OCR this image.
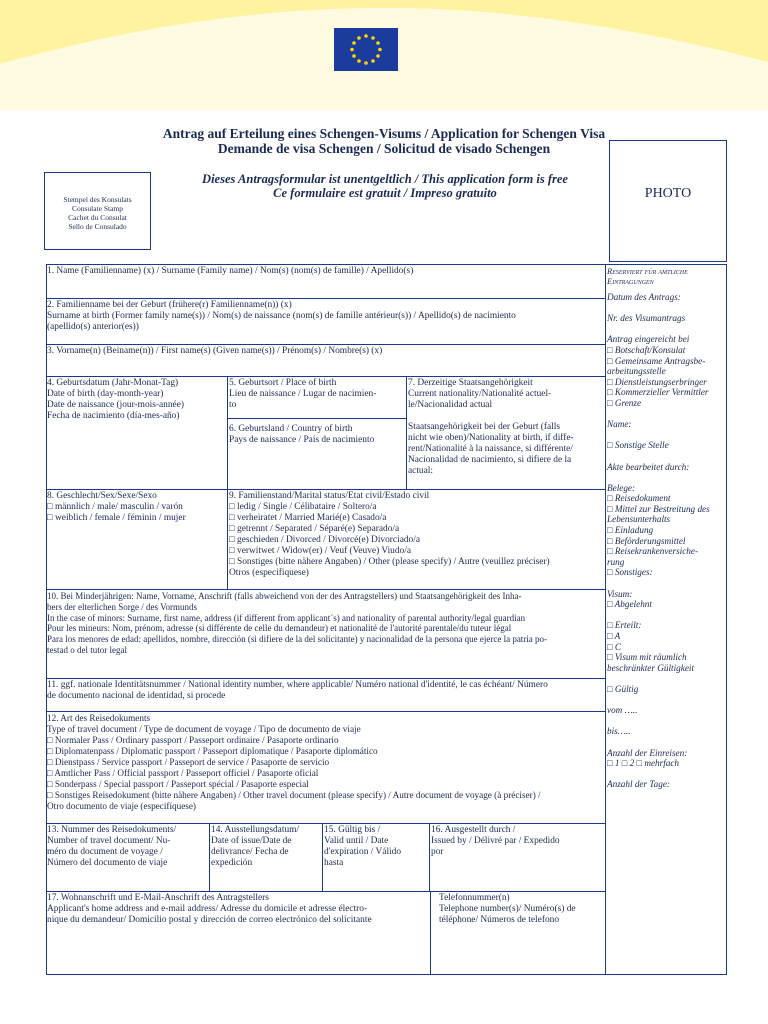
Antrag auf Erteilung eines Schengen-Visums / Application for Schengen Visa
Demande de visa Schengen / Solicitud de visado Schengen
Dieses Antragsformular ist unentgeltlich / This application form is free
Ce formulaire est gratuit / Impreso gratuito
Stempel des Konsulats
Consulate Stamp
Cachet du Consulat
Sello de Consulado
PHOTO
1. Name (Familienname) (x) / Surname (Family name) / Nom(s) (nom(s) de famille) / Apellido(s)
2. Familienname bei der Geburt (frühere(r) Familienname(n)) (x)
Surname at birth (Former family name(s)) / Nom(s) de naissance (nom(s) de famille antérieur(s)) / Apellido(s) de nacimiento
(apellido(s) anterior(es))
3. Vorname(n) (Beiname(n)) / First name(s) (Given name(s)) / Prénom(s) / Nombre(s) (x)
4. Geburtsdatum (Jahr-Monat-Tag)
Date of birth (day-month-year)
Date de naissance (jour-mois-année)
Fecha de nacimiento (día-mes-año)
5. Geburtsort / Place of birth
Lieu de naissance / Lugar de nacimien-
to
6. Geburtsland / Country of birth
Pays de naissance / País de nacimiento
7. Derzeitige Staatsangehörigkeit
Current nationality/Nationalité actuel-
le/Nacionalidad actual

Staatsangehörigkeit bei der Geburt (falls
nicht wie oben)/Nationality at birth, if diffe-
rent/Nationalité à la naissance, si différente/
Nacionalidad de nacimiento, si difiere de la
actual:
8. Geschlecht/Sex/Sexe/Sexo
□ männlich / male/ masculin / varón
□ weiblich / female / féminin / mujer
9. Familienstand/Marital status/Etat civil/Estado civil
□ ledig / Single / Célibataire / Soltero/a
□ verheiratet / Married Marié(e) Casado/a
□ getrennt / Separated / Séparé(e) Separado/a
□ geschieden / Divorced / Divorcé(e) Divorciado/a
□ verwitwet / Widow(er) / Veuf (Veuve) Viudo/a
□ Sonstiges (bitte nähere Angaben) / Other (please specify) / Autre (veuillez préciser)
Otros (especifiquese)
10. Bei Minderjährigen: Name, Vorname, Anschrift (falls abweichend von der des Antragstellers) und Staatsangehörigkeit des Inha-
bers der elterlichen Sorge / des Vormunds
In the case of minors: Surname, first name, address (if different from applicant´s) and nationality of parental authority/legal guardian
Pour les mineurs: Nom, prénom, adresse (si différente de celle du demandeur) et nationalité de l'autorité parentale/du tuteur légal
Para los menores de edad: apellidos, nombre, dirección (si difiere de la del solicitante) y nacionalidad de la persona que ejerce la patria po-
testad o del tutor legal
11. ggf. nationale Identitätsnummer / National identity number, where applicable/ Numéro national d'identité, le cas échéant/ Número
de documento nacional de identidad, si procede
12. Art des Reisedokuments
Type of travel document / Type de document de voyage / Tipo de documento de viaje
□ Normaler Pass / Ordinary passport / Passeport ordinaire / Pasaporte ordinario
□ Diplomatenpass / Diplomatic passport / Passeport diplomatique / Pasaporte diplomático
□ Dienstpass / Service passport / Passeport de service / Pasaporte de servicio
□ Amtlicher Pass / Official passport / Passeport officiel / Pasaporte oficial
□ Sonderpass / Special passport / Passeport spécial / Pasaporte especial
□ Sonstiges Reisedokument (bitte nähere Angaben) / Other travel document (please specify) / Autre document de voyage (à préciser) /
Otro documento de viaje (especifíquese)
13. Nummer des Reisedokuments/
Number of travel document/ Nu-
méro du document de voyage /
Número del documento de viaje
14. Ausstellungsdatum/
Date of issue/Date de
delivrance/ Fecha de
expedición
15. Gültig bis /
Valid until / Date
d'expiration / Válido
hasta
16. Ausgestellt durch /
Issued by / Délivré par / Expedido
por
17. Wohnanschrift und E-Mail-Anschrift des Antragstellers
Applicant's home address and e-mail address/ Adresse du domicile et adresse électro-
nique du demandeur/ Domicilio postal y dirección de correo electrónico del solicitante
Telefonnummer(n)
Telephone number(s)/ Numéro(s) de
téléphone/ Números de telefono
Reserviert für amtliche Eintragungen
Datum des Antrags:

Nr. des Visumantrags

Antrag eingereicht bei
□ Botschaft/Konsulat
□ Gemeinsame Antragsbe-
arbeitungsstelle
□ Dienstleistungserbringer
□ Kommerzieller Vermittler
□ Grenze

Name:

□ Sonstige Stelle

Akte bearbeitet durch:

Belege:
□ Reisedokument
□ Mittel zur Bestreitung des
Lebensunterhalts
□ Einladung
□ Beförderungsmittel
□ Reisekrankenversiche-
rung
□ Sonstiges:

Visum:
□ Abgelehnt

□ Erteilt:
□ A
□ C
□ Visum mit räumlich
beschränkter Gültigkeit

□ Gültig

vom …..

bis…..

Anzahl der Einreisen:
□ 1 □ 2 □ mehrfach

Anzahl der Tage:
